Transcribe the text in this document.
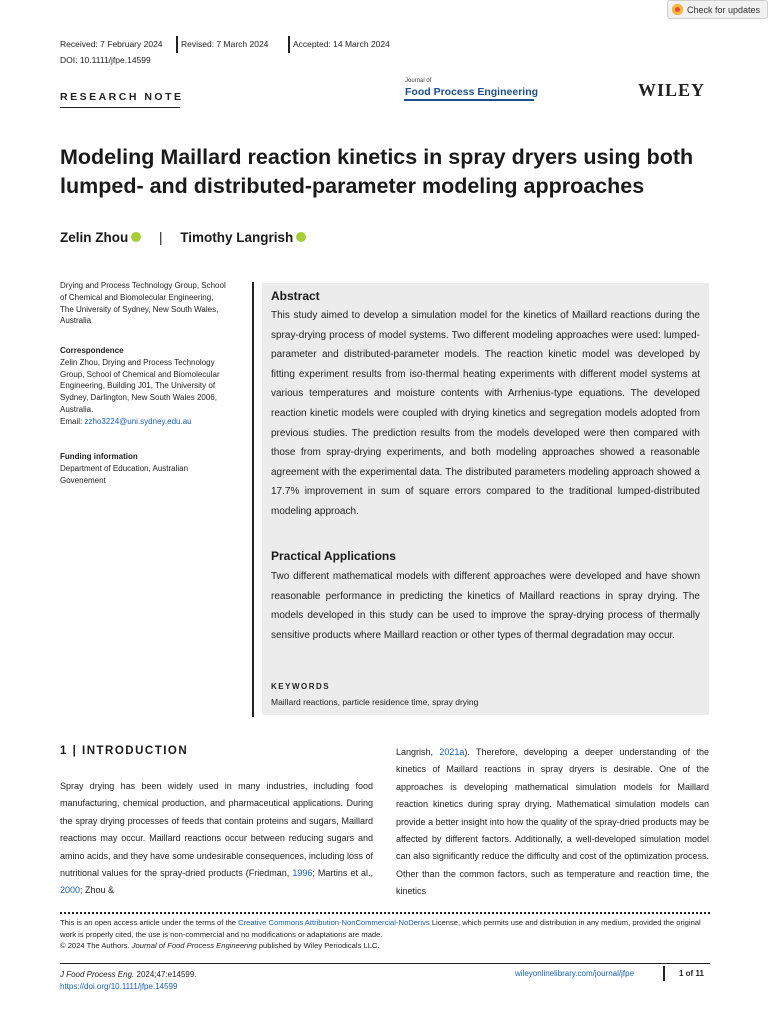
Check for updates
Received: 7 February 2024 Revised: 7 March 2024	Accepted: 14 March 2024
DOI: 10.1111/jfpe.14599
RESEARCH NOTE
Journal of
Food Process Engineering	WILEY
Modeling Maillard reaction kinetics in spray dryers using both
lumped- and distributed-parameter modeling approaches
Zelin Zhou | Timothy Langrish
Drying and Process Technology Group, School
of Chemical and Biomolecular Engineering,
The University of Sydney, New South Wales,
Australia
Correspondence
Zelin Zhou, Drying and Process Technology
Group, School of Chemical and Biomolecular
Engineering, Building J01, The University of
Sydney, Darlington, New South Wales 2006,
Australia.
Email: zzho3224@uni.sydney.edu.au
Funding information
Department of Education, Australian
Govenement
Abstract
This study aimed to develop a simulation model for the kinetics of Maillard reactions during the spray-drying process of model systems. Two different modeling approaches were used: lumped-parameter and distributed-parameter models. The reaction kinetic model was developed by fitting experiment results from iso-thermal heating experiments with different model systems at various temperatures and moisture contents with Arrhenius-type equations. The developed reaction kinetic models were coupled with drying kinetics and segregation models adopted from previous studies. The prediction results from the models developed were then compared with those from spray-drying experiments, and both modeling approaches showed a reasonable agreement with the experimental data. The distributed parameters modeling approach showed a 17.7% improvement in sum of square errors compared to the traditional lumped-distributed modeling approach.
Practical Applications
Two different mathematical models with different approaches were developed and have shown reasonable performance in predicting the kinetics of Maillard reactions in spray drying. The models developed in this study can be used to improve the spray-drying process of thermally sensitive products where Maillard reaction or other types of thermal degradation may occur.
KEYWORDS
Maillard reactions, particle residence time, spray drying
1 | INTRODUCTION
Spray drying has been widely used in many industries, including food manufacturing, chemical production, and pharmaceutical applications. During the spray drying processes of feeds that contain proteins and sugars, Maillard reactions may occur. Maillard reactions occur between reducing sugars and amino acids, and they have some undesirable consequences, including loss of nutritional values for the spray-dried products (Friedman, 1996; Martins et al., 2000; Zhou &
Langrish, 2021a). Therefore, developing a deeper understanding of the kinetics of Maillard reactions in spray dryers is desirable. One of the approaches is developing mathematical simulation models for Maillard reaction kinetics during spray drying. Mathematical simulation models can provide a better insight into how the quality of the spray-dried products may be affected by different factors. Additionally, a well-developed simulation model can also significantly reduce the difficulty and cost of the optimization process. Other than the common factors, such as temperature and reaction time, the kinetics
This is an open access article under the terms of the Creative Commons Attribution-NonCommercial-NoDerivs License, which permits use and distribution in any medium, provided the original work is properly cited, the use is non-commercial and no modifications or adaptations are made.
© 2024 The Authors. Journal of Food Process Engineering published by Wiley Periodicals LLC.
J Food Process Eng. 2024;47:e14599.
https://doi.org/10.1111/jfpe.14599
wileyonlinelibrary.com/journal/jfpe	1 of 11
